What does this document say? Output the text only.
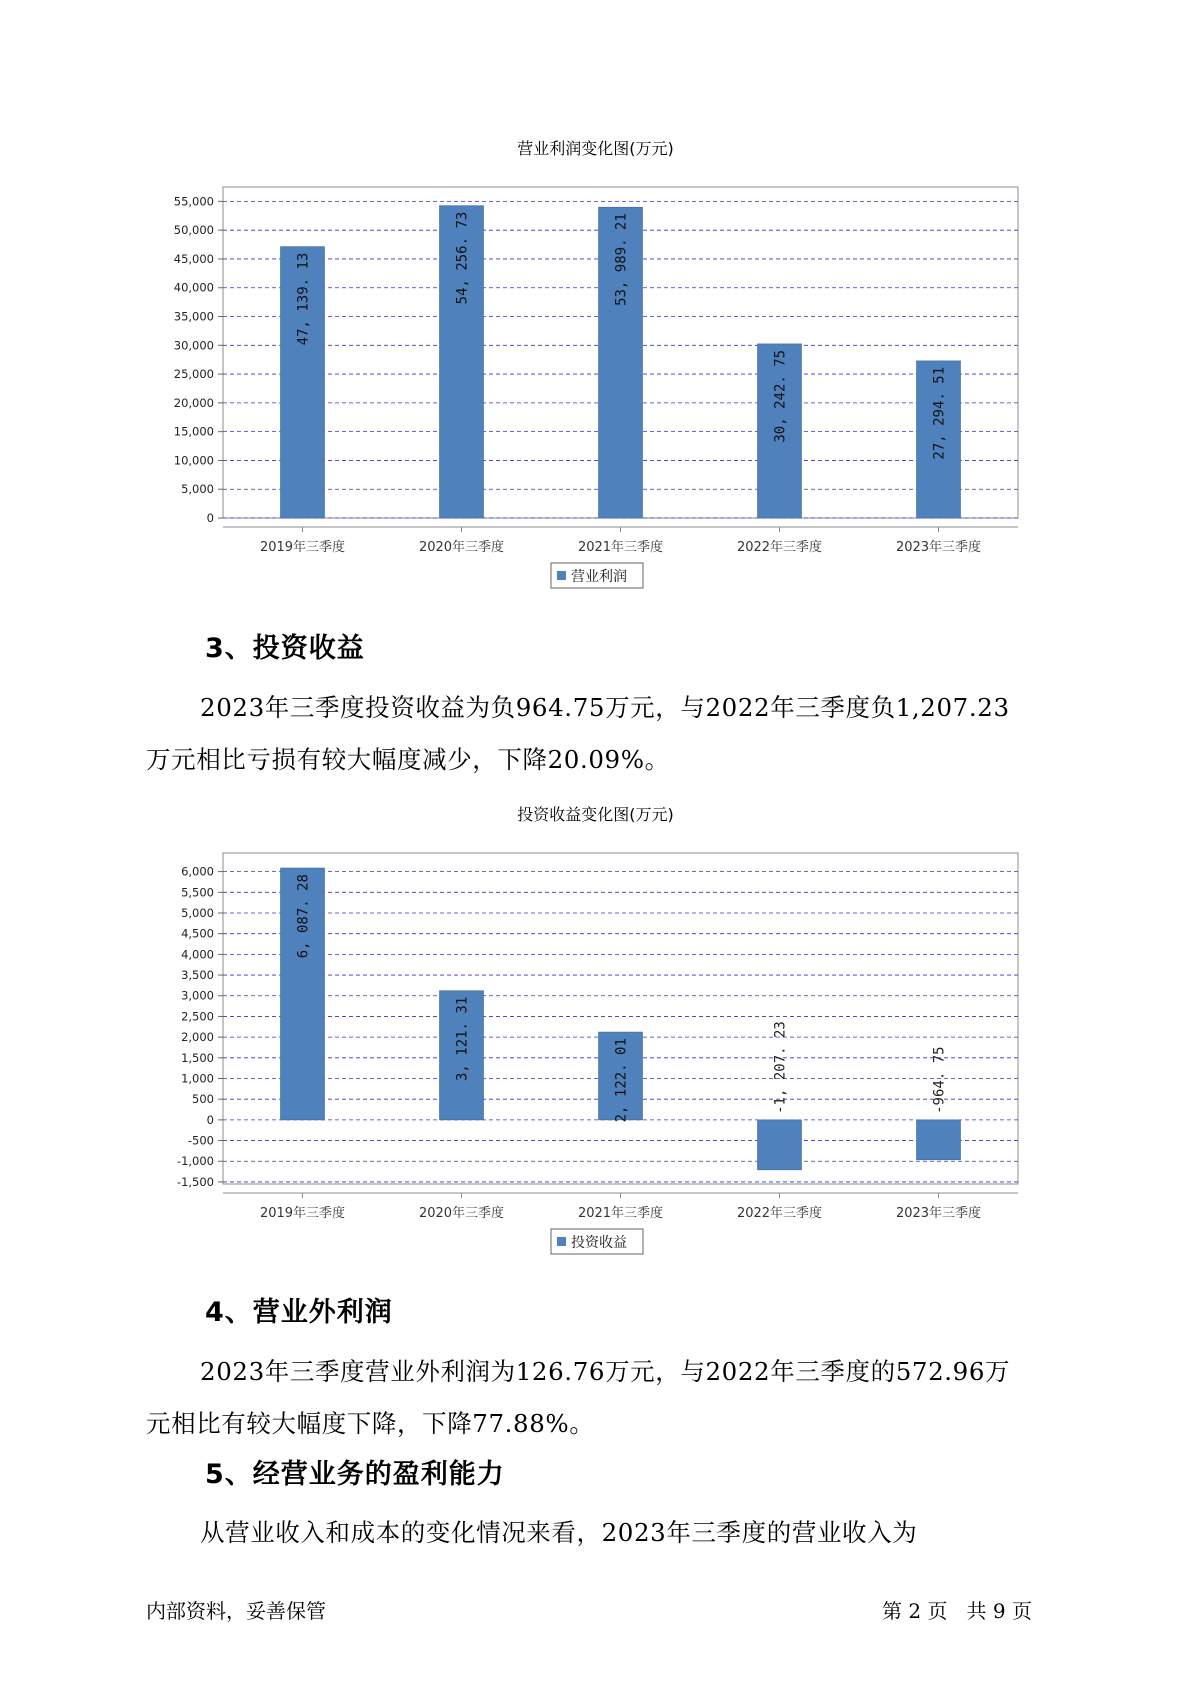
营业利润变化图(万元)
0
5,000
10,000
15,000
20,000
25,000
30,000
35,000
40,000
45,000
50,000
55,000
47, 139. 13
2019年三季度
54, 256. 73
2020年三季度
53, 989. 21
2021年三季度
30, 242. 75
2022年三季度
27, 294. 51
2023年三季度
营业利润
3、投资收益
2023年三季度投资收益为负964.75万元，与2022年三季度负1,207.23
万元相比亏损有较大幅度减少，下降20.09%。
投资收益变化图(万元)
-1,500
-1,000
-500
0
500
1,000
1,500
2,000
2,500
3,000
3,500
4,000
4,500
5,000
5,500
6,000
6, 087. 28
2019年三季度
3, 121. 31
2020年三季度
2, 122. 01
2021年三季度
-1, 207. 23
2022年三季度
-964. 75
2023年三季度
投资收益
4、营业外利润
2023年三季度营业外利润为126.76万元，与2022年三季度的572.96万
元相比有较大幅度下降，下降77.88%。
5、经营业务的盈利能力
从营业收入和成本的变化情况来看，2023年三季度的营业收入为
内部资料，妥善保管	第 2 页   共 9 页
